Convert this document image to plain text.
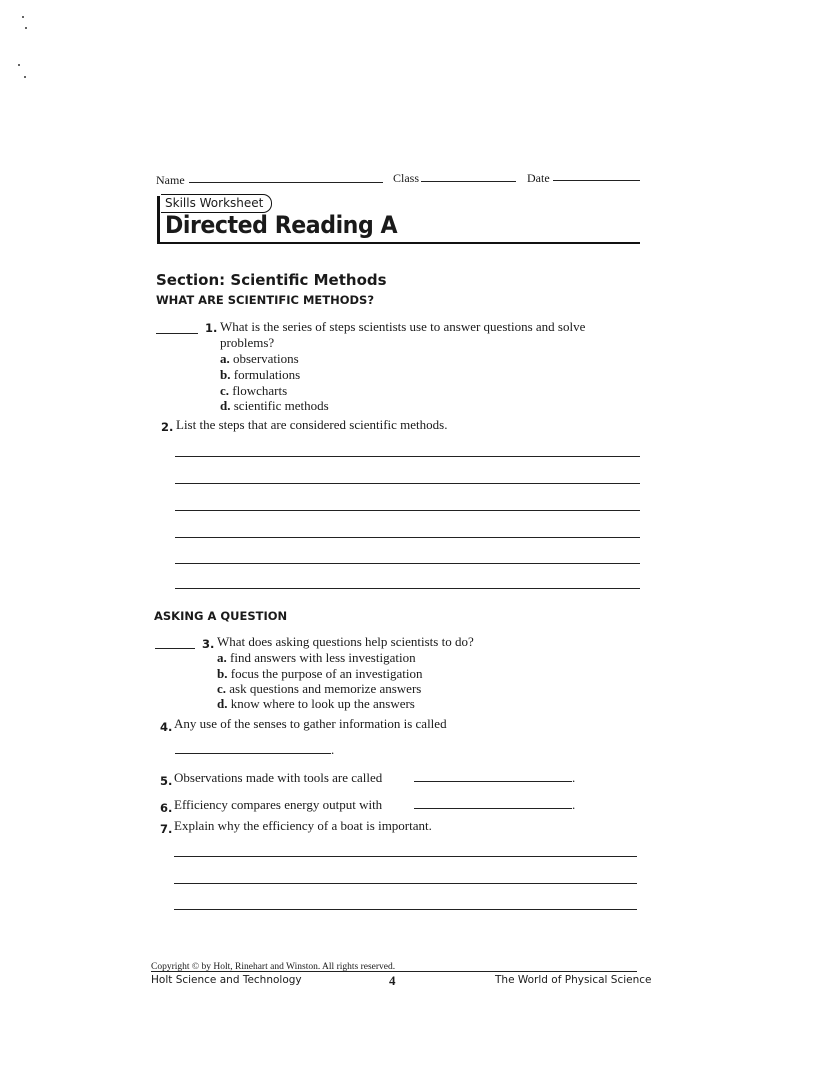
Name	Class	Date
Skills Worksheet
Directed Reading A
Section: Scientific Methods
WHAT ARE SCIENTIFIC METHODS?
1. What is the series of steps scientists use to answer questions and solve
problems?
a. observations
b. formulations
c. flowcharts
d. scientific methods
2. List the steps that are considered scientific methods.
ASKING A QUESTION
3. What does asking questions help scientists to do?
a. find answers with less investigation
b. focus the purpose of an investigation
c. ask questions and memorize answers
d. know where to look up the answers
4. Any use of the senses to gather information is called
.
5. Observations made with tools are called	.
6. Efficiency compares energy output with	.
7. Explain why the efficiency of a boat is important.
Copyright © by Holt, Rinehart and Winston. All rights reserved.
Holt Science and Technology	4	The World of Physical Science
